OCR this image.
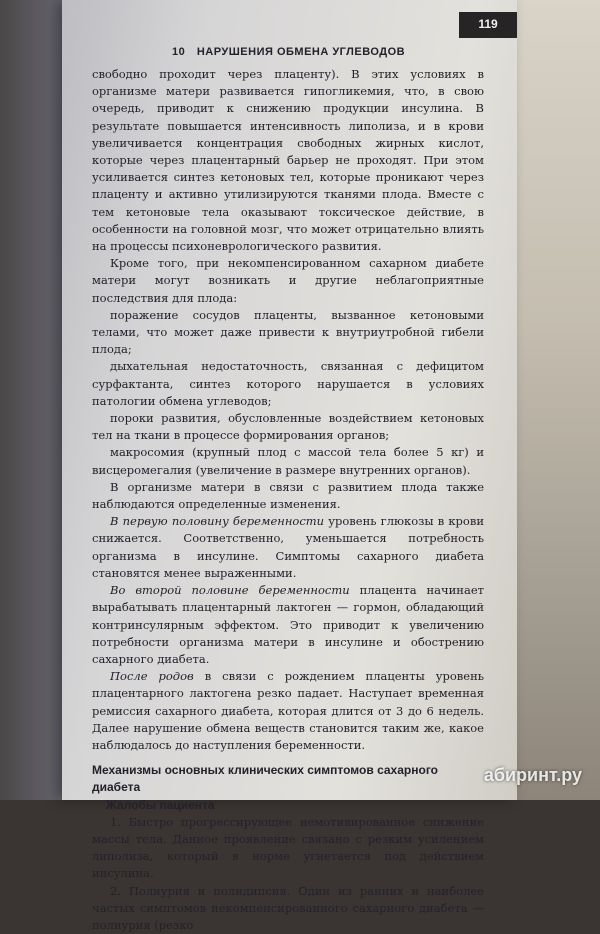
119
10 НАРУШЕНИЯ ОБМЕНА УГЛЕВОДОВ

свободно проходит через плаценту). В этих условиях в организме матери развивается гипогликемия, что, в свою очередь, приводит к снижению продукции инсулина. В результате повышается интенсивность липолиза, и в крови увеличивается концентрация свободных жирных кислот, которые через плацентарный барьер не проходят. При этом усиливается синтез кетоновых тел, которые проникают через плаценту и активно утилизируются тканями плода. Вместе с тем кетоновые тела оказывают токсическое действие, в особенности на головной мозг, что может отрицательно влиять на процессы психоневрологического развития.

Кроме того, при некомпенсированном сахарном диабете матери могут возникать и другие неблагоприятные последствия для плода:

поражение сосудов плаценты, вызванное кетоновыми телами, что может даже привести к внутриутробной гибели плода;

дыхательная недостаточность, связанная с дефицитом сурфактанта, синтез которого нарушается в условиях патологии обмена углеводов;

пороки развития, обусловленные воздействием кетоновых тел на ткани в процессе формирования органов;

макросомия (крупный плод с массой тела более 5 кг) и висцеромегалия (увеличение в размере внутренних органов).

В организме матери в связи с развитием плода также наблюдаются определенные изменения.

В первую половину беременности уровень глюкозы в крови снижается. Соответственно, уменьшается потребность организма в инсулине. Симптомы сахарного диабета становятся менее выраженными.

Во второй половине беременности плацента начинает вырабатывать плацентарный лактоген — гормон, обладающий контринсулярным эффектом. Это приводит к увеличению потребности организма матери в инсулине и обострению сахарного диабета.

После родов в связи с рождением плаценты уровень плацентарного лактогена резко падает. Наступает временная ремиссия сахарного диабета, которая длится от 3 до 6 недель. Далее нарушение обмена веществ становится таким же, какое наблюдалось до наступления беременности.

Механизмы основных клинических симптомов сахарного диабета
Жалобы пациента

1. Быстро прогрессирующее немотивированное снижение массы тела. Данное проявление связано с резким усилением липолиза, который в норме угнетается под действием инсулина.

2. Полиурия и полидипсия. Один из ранних и наиболее частых симптомов некомпенсированного сахарного диабета — полиурия (резко

абиринт.ру
